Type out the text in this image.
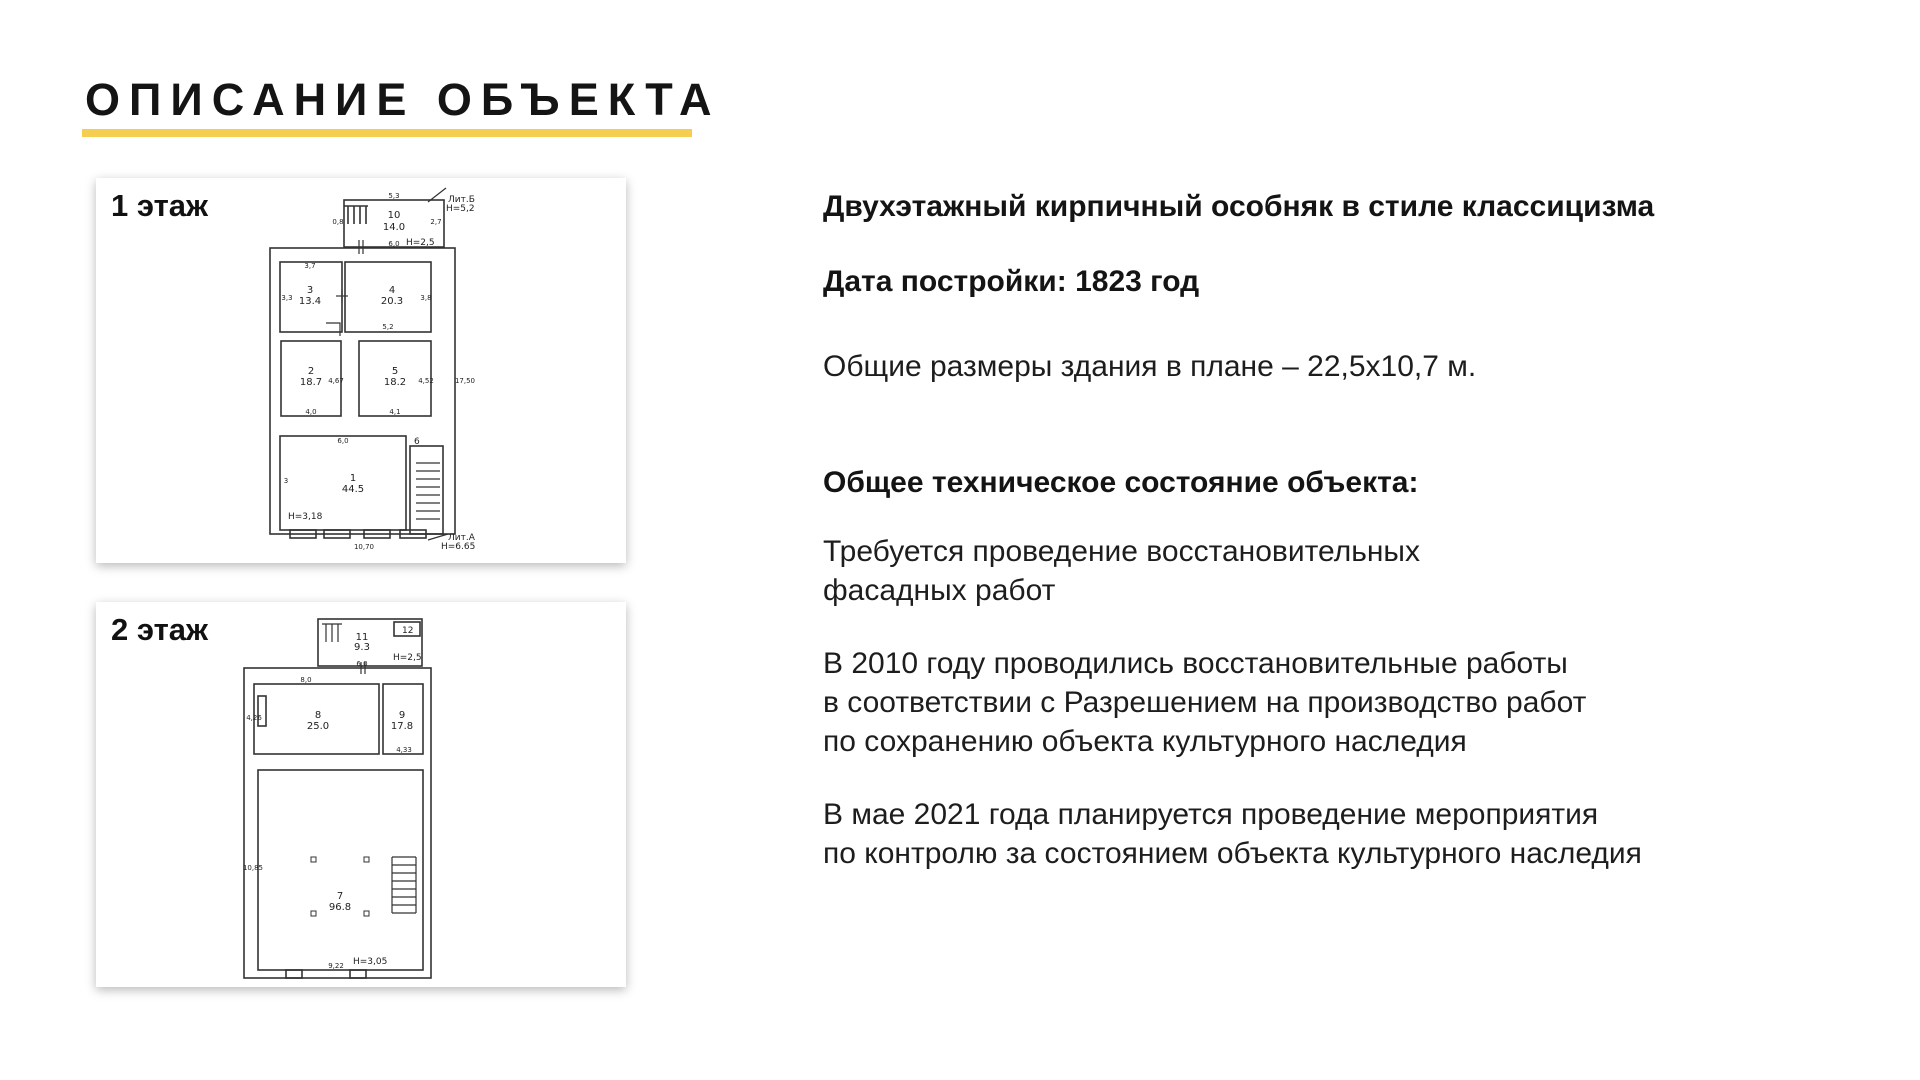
ОПИСАНИЕ ОБЪЕКТА
10
14.0
3
13.4
4
20.3
2
18.7
5
18.2
1
44.5
Лит.Б
H=5,2
H=2,5
H=3,18
Лит.А
H=6.65
6
5,3
6,0
3,7
5,2
4,0	4,1
6,0
10,70
17,50
3,3	3,8
4,67	4,52
3
0,8	2,7
1 этаж
11
9.3
8
25.0
9
17.8
7
96.8
H=2,5
H=3,05
12
6,0
8,0
4,33
9,22
10,85
4,26
2 этаж
Двухэтажный кирпичный особняк в стиле классицизма
Дата постройки: 1823 год
Общие размеры здания в плане – 22,5х10,7 м.
Общее техническое состояние объекта:
Требуется проведение восстановительных
фасадных работ
В 2010 году проводились восстановительные работы
в соответствии с Разрешением на производство работ
по сохранению объекта культурного наследия
В мае 2021 года планируется проведение мероприятия
по контролю за состоянием объекта культурного наследия
